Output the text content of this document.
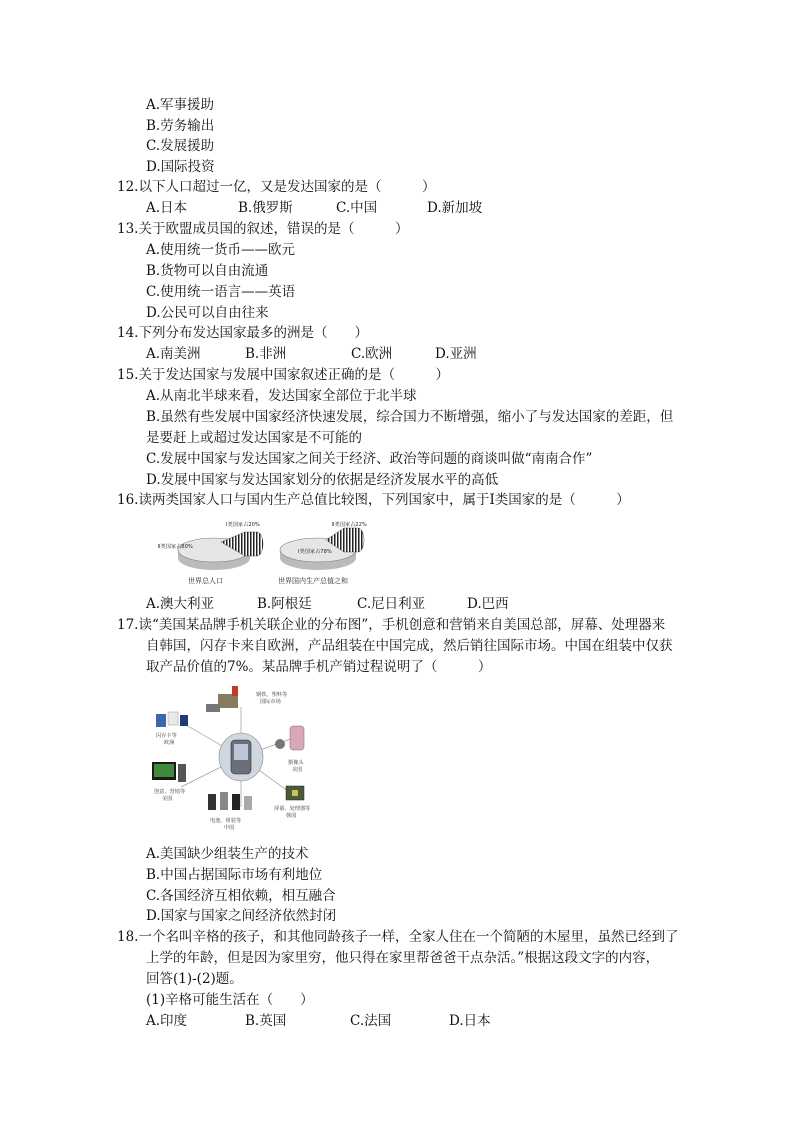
A.军事援助
B.劳务输出
C.发展援助
D.国际投资
12.以下人口超过一亿，又是发达国家的是（　　　）
A.日本	B.俄罗斯	C.中国	D.新加坡
13.关于欧盟成员国的叙述，错误的是（　　　）
A.使用统一货币——欧元
B.货物可以自由流通
C.使用统一语言——英语
D.公民可以自由往来
14.下列分布发达国家最多的洲是（　　）
A.南美洲	B.非洲	C.欧洲	D.亚洲
15.关于发达国家与发展中国家叙述正确的是（　　　）
A.从南北半球来看，发达国家全部位于北半球
B.虽然有些发展中国家经济快速发展，综合国力不断增强，缩小了与发达国家的差距，但
是要赶上或超过发达国家是不可能的
C.发展中国家与发达国家之间关于经济、政治等问题的商谈叫做“南南合作”
D.发展中国家与发达国家划分的依据是经济发展水平的高低
16.读两类国家人口与国内生产总值比较图，下列国家中，属于Ⅰ类国家的是（　　　）
Ⅱ类国家占80%
Ⅰ类国家占20%
世界总人口
Ⅰ类国家占78%
Ⅱ类国家占22%
世界国内生产总值之和
A.澳大利亚	B.阿根廷	C.尼日利亚	D.巴西
17.读“美国某品牌手机关联企业的分布图”，手机创意和营销来自美国总部，屏幕、处理器来
自韩国，闪存卡来自欧洲，产品组装在中国完成，然后销往国际市场。中国在组装中仅获
取产品价值的7%。某品牌手机产销过程说明了（　　　）
钢铁、塑料等
国际市场
闪存卡等
欧洲
摄像头
美国
创意、营销等
美国
电池、组装等
中国
屏幕、处理器等
韩国
A.美国缺少组装生产的技术
B.中国占据国际市场有利地位
C.各国经济互相依赖，相互融合
D.国家与国家之间经济依然封闭
18.一个名叫辛格的孩子，和其他同龄孩子一样，全家人住在一个简陋的木屋里，虽然已经到了
上学的年龄，但是因为家里穷，他只得在家里帮爸爸干点杂活。”根据这段文字的内容，
回答(1)-(2)题。
(1)辛格可能生活在（　　）
A.印度	B.英国	C.法国	D.日本
